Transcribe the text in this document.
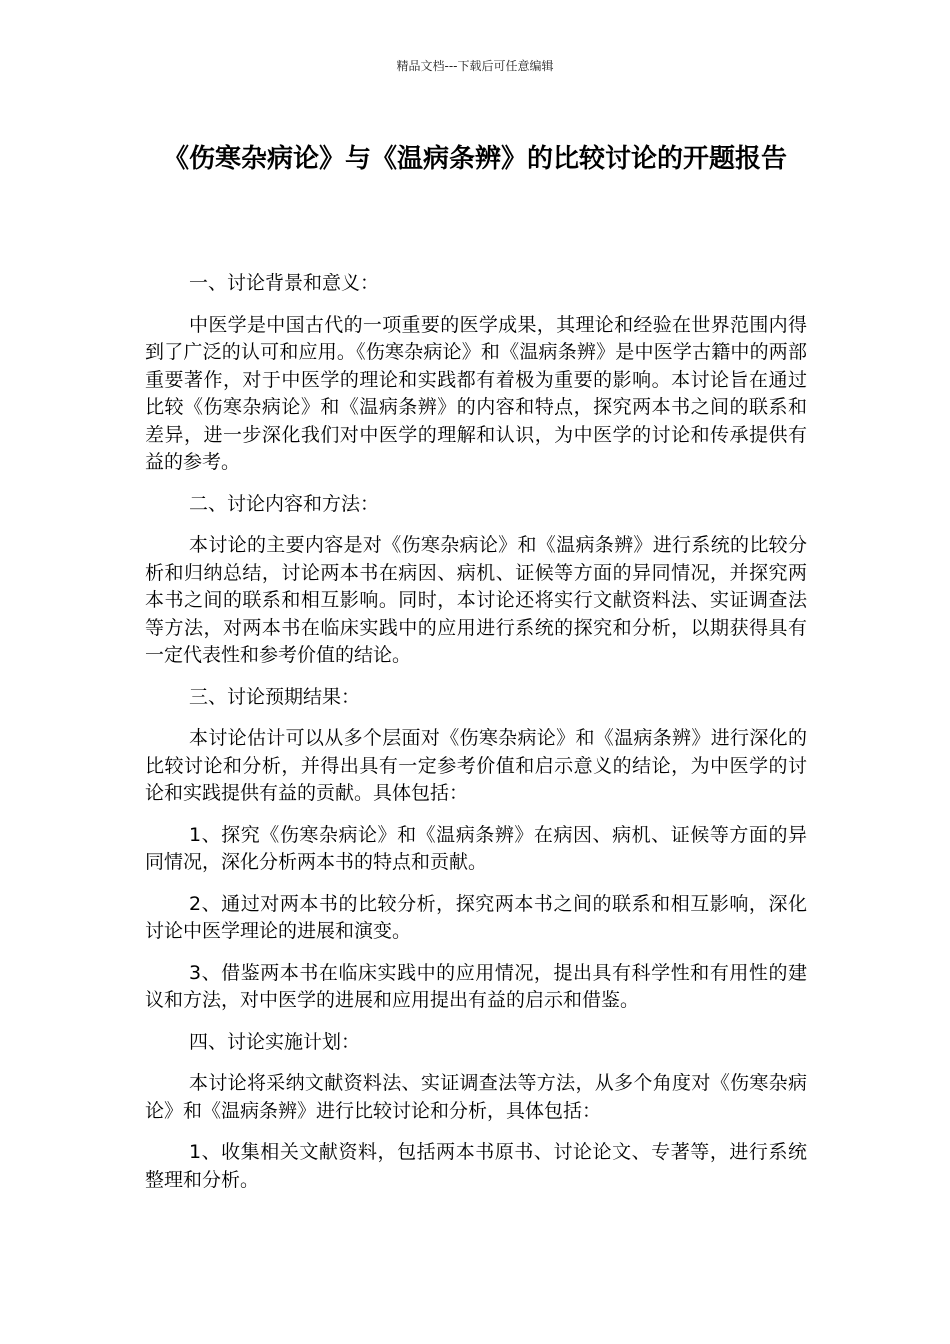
精品文档---下载后可任意编辑
《伤寒杂病论》与《温病条辨》的比较讨论的开题报告

一、讨论背景和意义：

中医学是中国古代的一项重要的医学成果，其理论和经验在世界范围内得到了广泛的认可和应用。《伤寒杂病论》和《温病条辨》是中医学古籍中的两部重要著作，对于中医学的理论和实践都有着极为重要的影响。本讨论旨在通过比较《伤寒杂病论》和《温病条辨》的内容和特点，探究两本书之间的联系和差异，进一步深化我们对中医学的理解和认识，为中医学的讨论和传承提供有益的参考。

二、讨论内容和方法：

本讨论的主要内容是对《伤寒杂病论》和《温病条辨》进行系统的比较分析和归纳总结，讨论两本书在病因、病机、证候等方面的异同情况，并探究两本书之间的联系和相互影响。同时，本讨论还将实行文献资料法、实证调查法等方法，对两本书在临床实践中的应用进行系统的探究和分析，以期获得具有一定代表性和参考价值的结论。

三、讨论预期结果：

本讨论估计可以从多个层面对《伤寒杂病论》和《温病条辨》进行深化的比较讨论和分析，并得出具有一定参考价值和启示意义的结论，为中医学的讨论和实践提供有益的贡献。具体包括：

1、探究《伤寒杂病论》和《温病条辨》在病因、病机、证候等方面的异同情况，深化分析两本书的特点和贡献。

2、通过对两本书的比较分析，探究两本书之间的联系和相互影响，深化讨论中医学理论的进展和演变。

3、借鉴两本书在临床实践中的应用情况，提出具有科学性和有用性的建议和方法，对中医学的进展和应用提出有益的启示和借鉴。

四、讨论实施计划：

本讨论将采纳文献资料法、实证调查法等方法，从多个角度对《伤寒杂病论》和《温病条辨》进行比较讨论和分析，具体包括：

1、收集相关文献资料，包括两本书原书、讨论论文、专著等，进行系统整理和分析。
